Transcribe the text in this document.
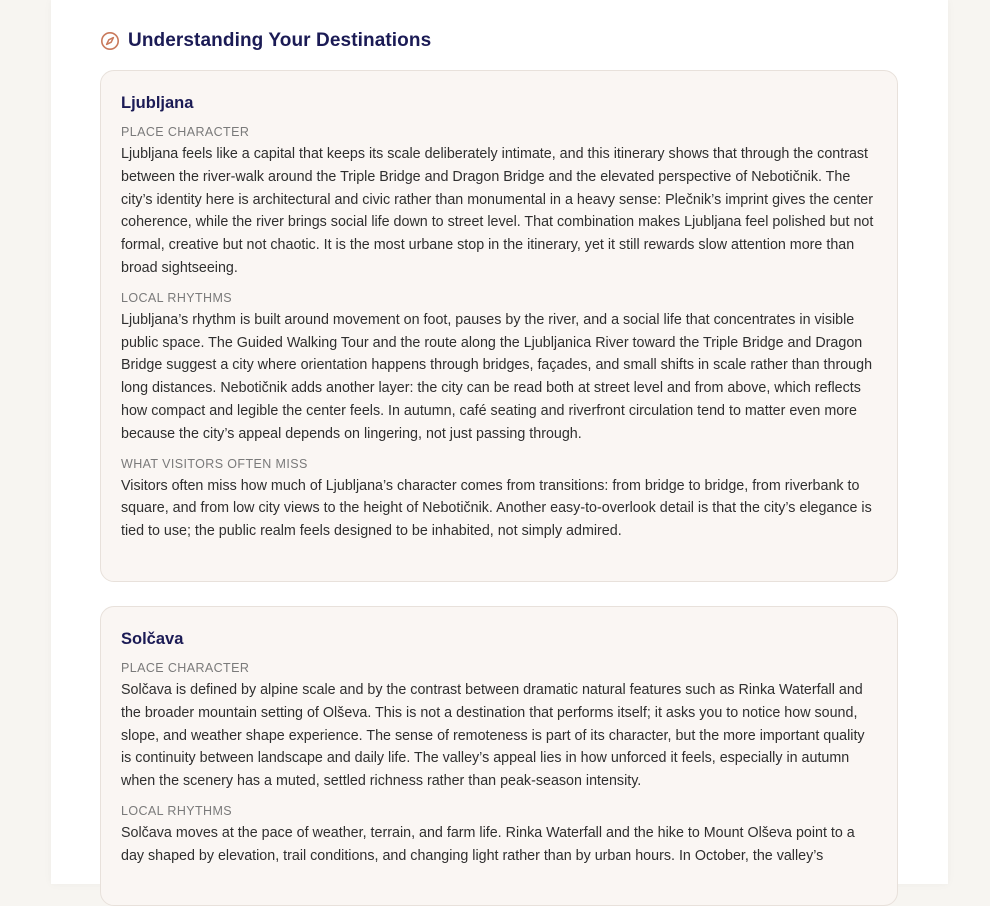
Understanding Your Destinations
Ljubljana
PLACE CHARACTER

Ljubljana feels like a capital that keeps its scale deliberately intimate, and this itinerary shows that through the contrast between the river-walk around the Triple Bridge and Dragon Bridge and the elevated perspective of Nebotičnik. The city’s identity here is architectural and civic rather than monumental in a heavy sense: Plečnik’s imprint gives the center coherence, while the river brings social life down to street level. That combination makes Ljubljana feel polished but not formal, creative but not chaotic. It is the most urbane stop in the itinerary, yet it still rewards slow attention more than broad sightseeing.

LOCAL RHYTHMS

Ljubljana’s rhythm is built around movement on foot, pauses by the river, and a social life that concentrates in visible public space. The Guided Walking Tour and the route along the Ljubljanica River toward the Triple Bridge and Dragon Bridge suggest a city where orientation happens through bridges, façades, and small shifts in scale rather than through long distances. Nebotičnik adds another layer: the city can be read both at street level and from above, which reflects how compact and legible the center feels. In autumn, café seating and riverfront circulation tend to matter even more because the city’s appeal depends on lingering, not just passing through.

WHAT VISITORS OFTEN MISS

Visitors often miss how much of Ljubljana’s character comes from transitions: from bridge to bridge, from riverbank to square, and from low city views to the height of Nebotičnik. Another easy-to-overlook detail is that the city’s elegance is tied to use; the public realm feels designed to be inhabited, not simply admired.

Solčava
PLACE CHARACTER

Solčava is defined by alpine scale and by the contrast between dramatic natural features such as Rinka Waterfall and the broader mountain setting of Olševa. This is not a destination that performs itself; it asks you to notice how sound, slope, and weather shape experience. The sense of remoteness is part of its character, but the more important quality is continuity between landscape and daily life. The valley’s appeal lies in how unforced it feels, especially in autumn when the scenery has a muted, settled richness rather than peak-season intensity.

LOCAL RHYTHMS

Solčava moves at the pace of weather, terrain, and farm life. Rinka Waterfall and the hike to Mount Olševa point to a day shaped by elevation, trail conditions, and changing light rather than by urban hours. In October, the valley’s
